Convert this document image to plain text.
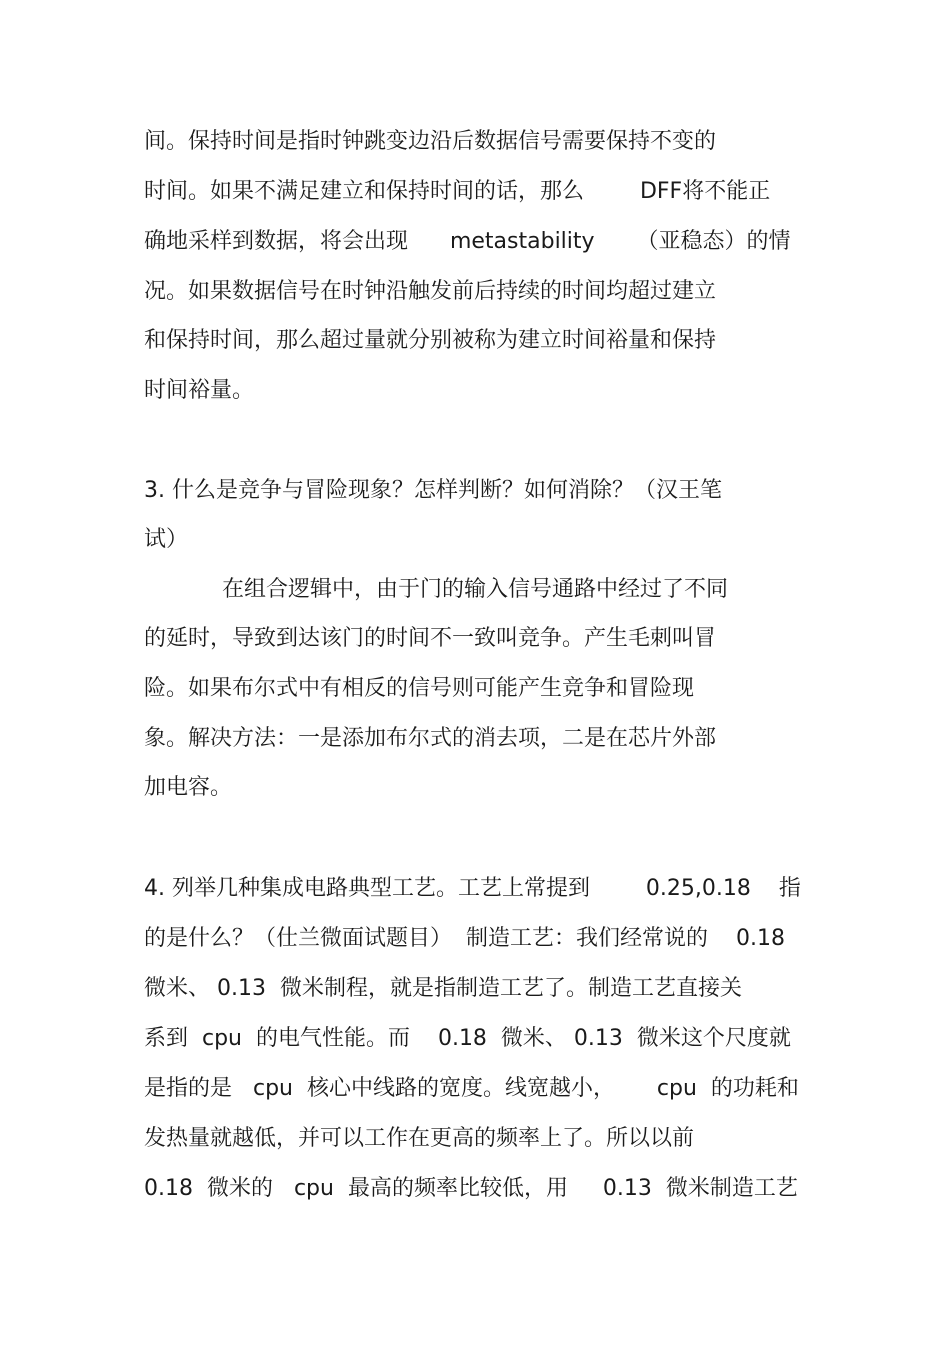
间。保持时间是指时钟跳变边沿后数据信号需要保持不变的
时间。如果不满足建立和保持时间的话，那么        DFF将不能正
确地采样到数据，将会出现      metastability      （亚稳态）的情
况。如果数据信号在时钟沿触发前后持续的时间均超过建立
和保持时间，那么超过量就分别被称为建立时间裕量和保持
时间裕量。
3. 什么是竞争与冒险现象？怎样判断？如何消除？（汉王笔
试）
在组合逻辑中，由于门的输入信号通路中经过了不同
的延时，导致到达该门的时间不一致叫竞争。产生毛刺叫冒
险。如果布尔式中有相反的信号则可能产生竞争和冒险现
象。解决方法：一是添加布尔式的消去项，二是在芯片外部
加电容。
4. 列举几种集成电路典型工艺。工艺上常提到        0.25,0.18    指
的是什么？（仕兰微面试题目）  制造工艺：我们经常说的    0.18
微米、 0.13  微米制程，就是指制造工艺了。制造工艺直接关
系到  cpu  的电气性能。而    0.18  微米、 0.13  微米这个尺度就
是指的是   cpu  核心中线路的宽度。线宽越小，      cpu  的功耗和
发热量就越低，并可以工作在更高的频率上了。所以以前
0.18  微米的   cpu  最高的频率比较低，用     0.13  微米制造工艺
